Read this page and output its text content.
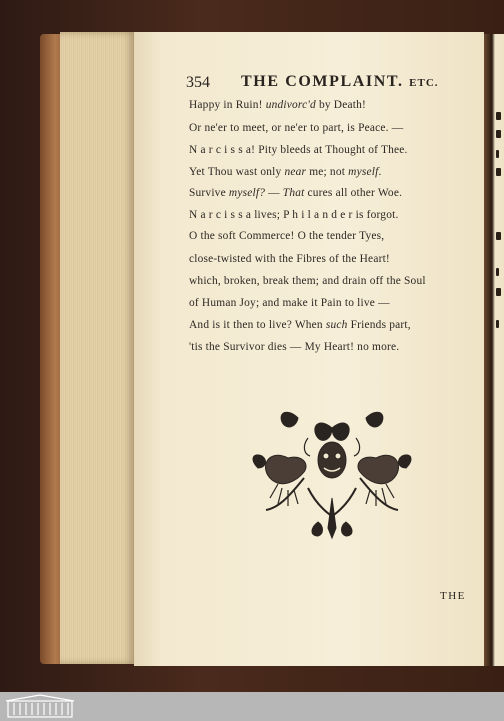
354 THE COMPLAINT. ETC.
Happy in Ruin! undivorc'd by Death!
Or ne'er to meet, or ne'er to part, is Peace. —
N a r c i s s a! Pity bleeds at Thought of Thee.
Yet Thou wast only near me; not myself.
Survive myself? — That cures all other Woe.
N a r c i s s a lives; P h i l a n d e r is forgot.
O the soft Commerce! O the tender Tyes,
close-twisted with the Fibres of the Heart!
which, broken, break them; and drain off the Soul
of Human Joy; and make it Pain to live —
And is it then to live? When such Friends part,
'tis the Survivor dies — My Heart! no more.
THE
